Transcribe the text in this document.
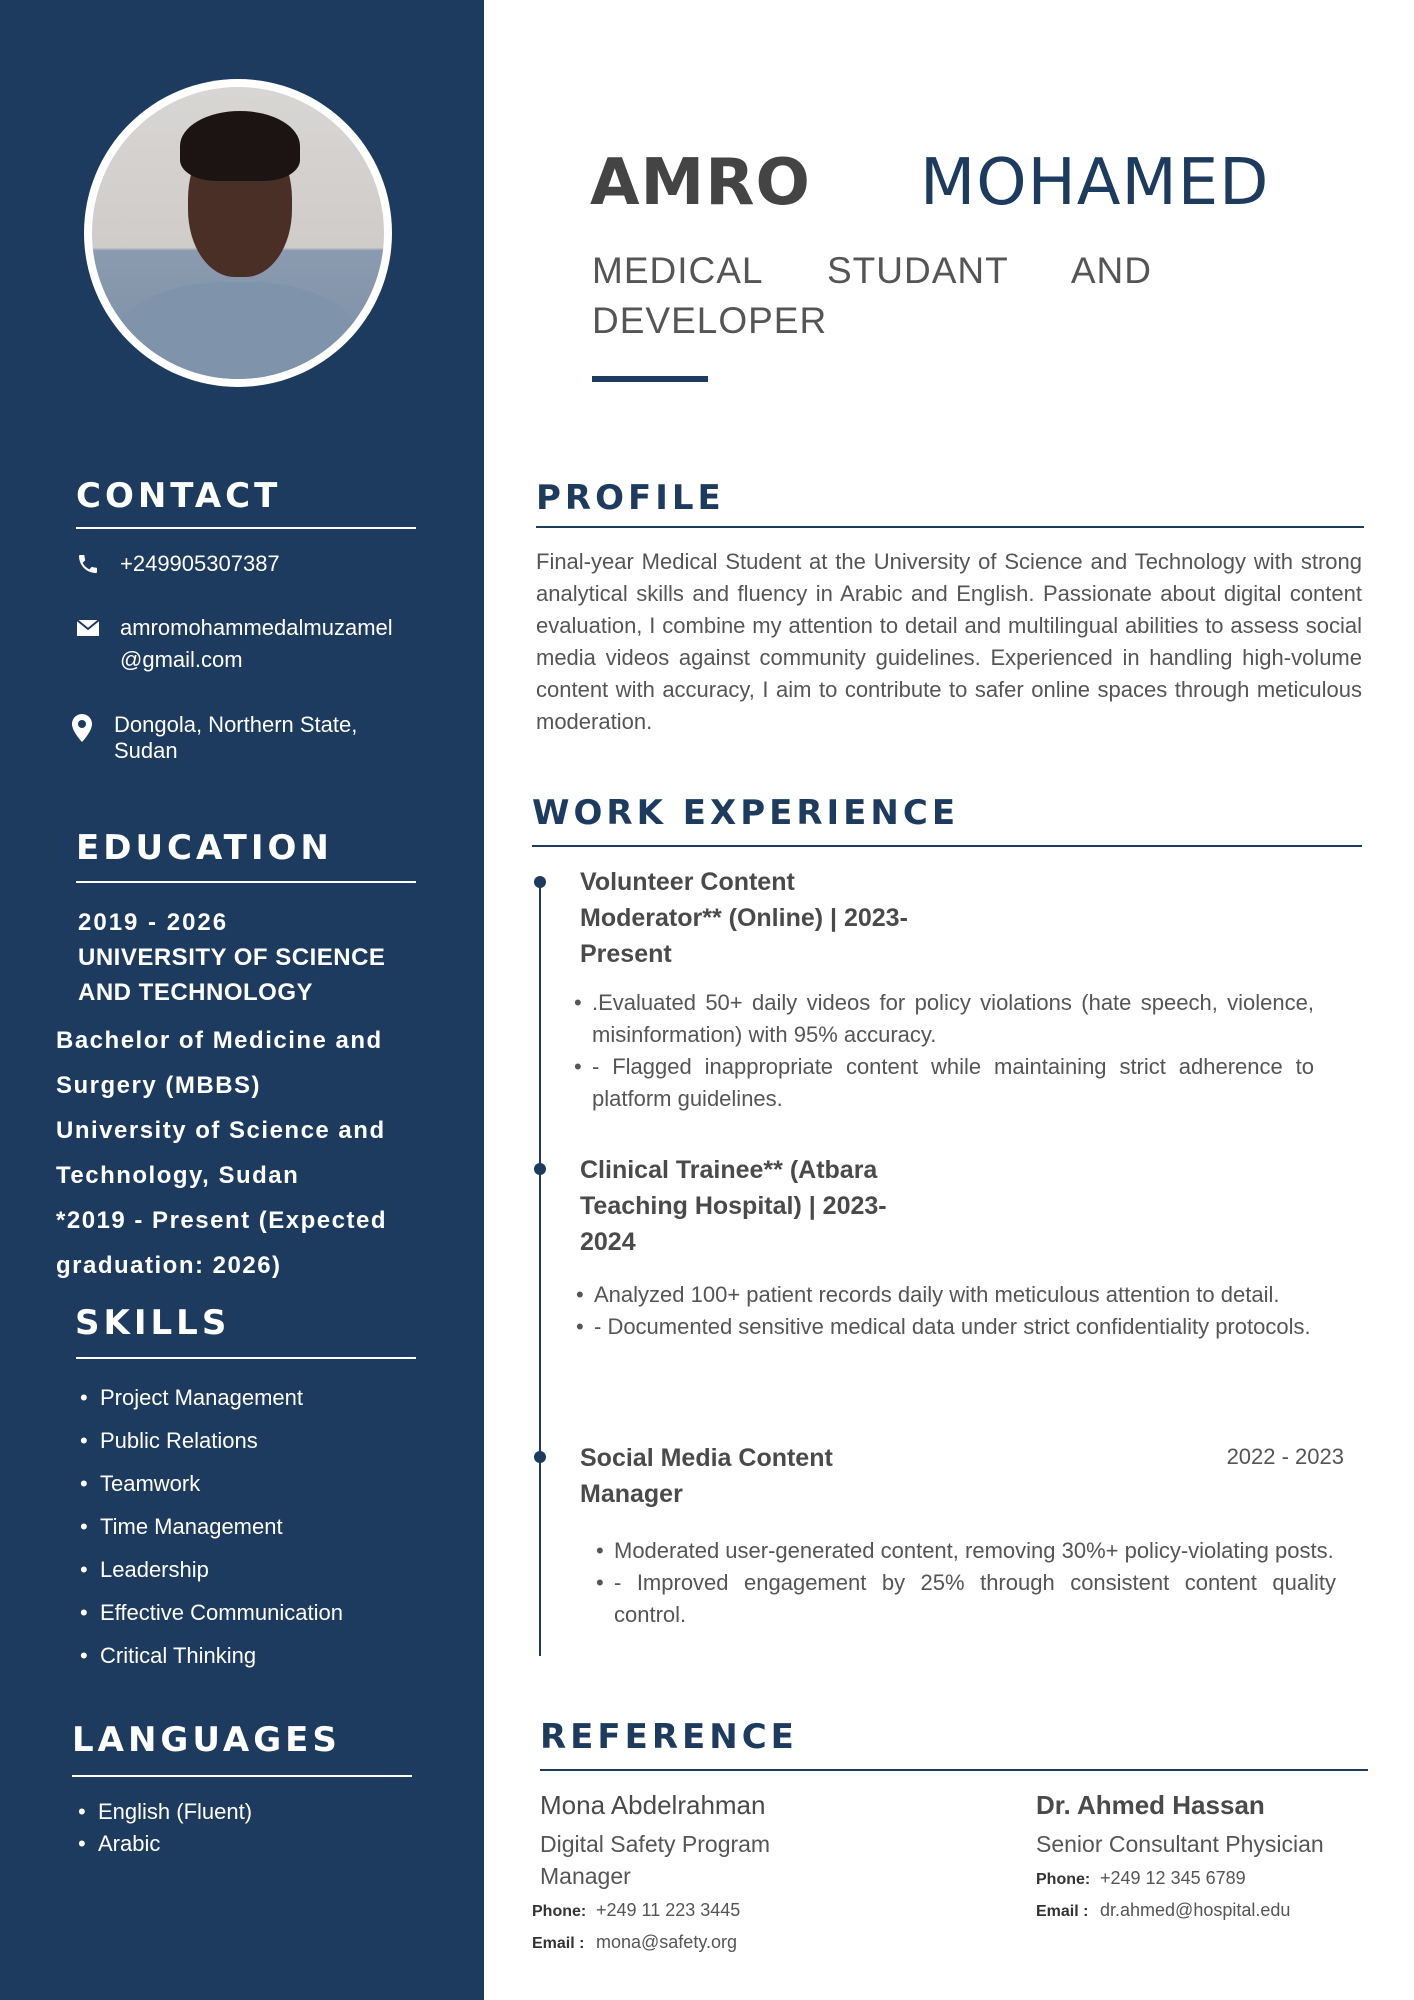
CONTACT
+249905307387
amromohammedalmuzamel
@gmail.com
Dongola, Northern State,
Sudan
EDUCATION
2019 - 2026
UNIVERSITY OF SCIENCE
AND TECHNOLOGY
Bachelor of Medicine and
Surgery (MBBS)
University of Science and
Technology, Sudan
*2019 - Present (Expected
graduation: 2026)
SKILLS
• Project Management
• Public Relations
• Teamwork
• Time Management
• Leadership
• Effective Communication
• Critical Thinking
LANGUAGES
• English (Fluent)
• Arabic
AMRO MOHAMED
MEDICAL STUDANT AND DEVELOPER
PROFILE
Final-year Medical Student at the University of Science and Technology with strong analytical skills and fluency in Arabic and English. Passionate about digital content evaluation, I combine my attention to detail and multilingual abilities to assess social media videos against community guidelines. Experienced in handling high-volume content with accuracy, I aim to contribute to safer online spaces through meticulous moderation.
WORK EXPERIENCE
Volunteer Content
Moderator** (Online) | 2023-
Present
• .Evaluated 50+ daily videos for policy violations (hate speech, violence, misinformation) with 95% accuracy.
• - Flagged inappropriate content while maintaining strict adherence to platform guidelines.
Clinical Trainee** (Atbara
Teaching Hospital) | 2023-
2024
• Analyzed 100+ patient records daily with meticulous attention to detail.
• - Documented sensitive medical data under strict confidentiality protocols.
Social Media Content
Manager
2022 - 2023
• Moderated user-generated content, removing 30%+ policy-violating posts.
• - Improved engagement by 25% through consistent content quality control.
REFERENCE
Mona Abdelrahman
Digital Safety Program
Manager
Phone: +249 11 223 3445
Email : mona@safety.org
Dr. Ahmed Hassan
Senior Consultant Physician
Phone: +249 12 345 6789
Email : dr.ahmed@hospital.edu
